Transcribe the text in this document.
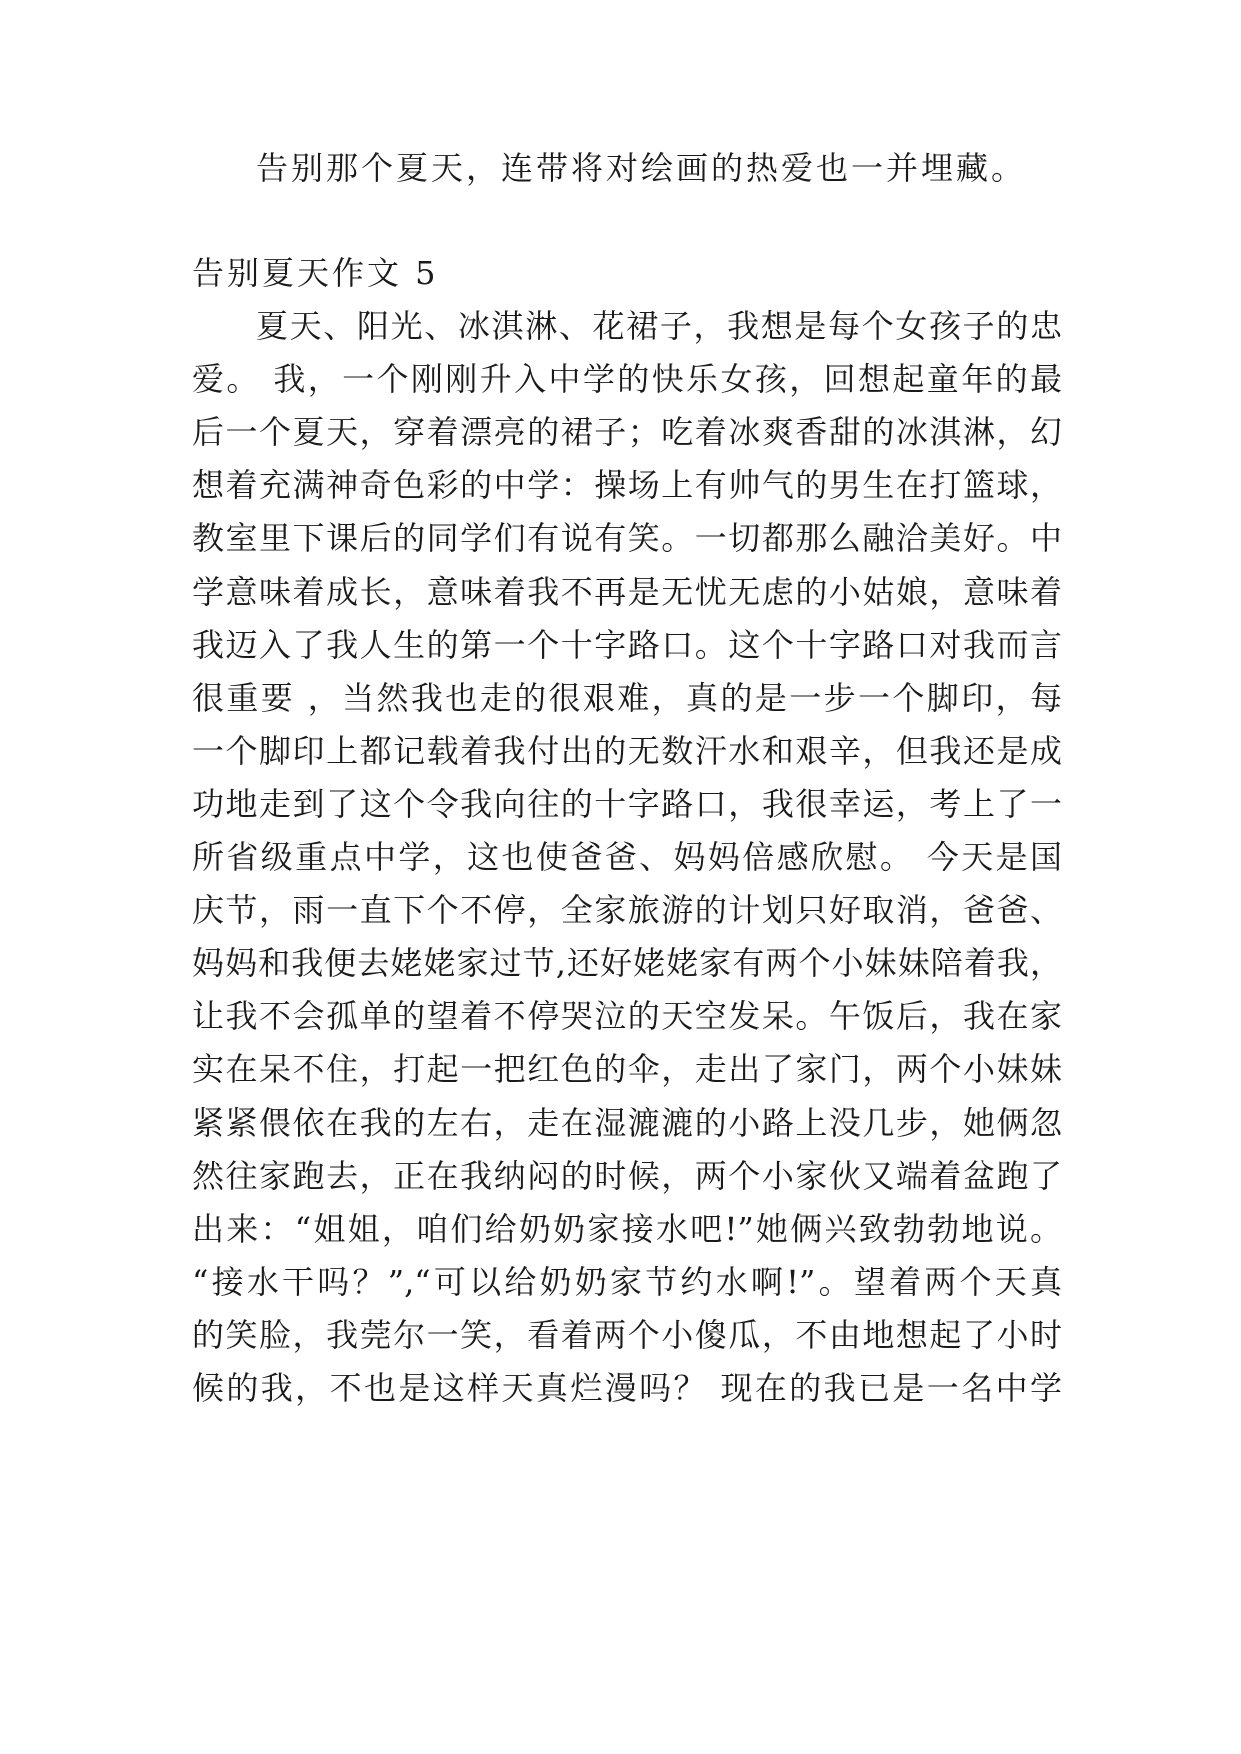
告别那个夏天，连带将对绘画的热爱也一并埋藏。
告别夏天作文 5
夏天、阳光、冰淇淋、花裙子，我想是每个女孩子的忠
爱。 我，一个刚刚升入中学的快乐女孩，回想起童年的最
后一个夏天，穿着漂亮的裙子；吃着冰爽香甜的冰淇淋，幻
想着充满神奇色彩的中学：操场上有帅气的男生在打篮球，
教室里下课后的同学们有说有笑。一切都那么融洽美好。中
学意味着成长，意味着我不再是无忧无虑的小姑娘，意味着
我迈入了我人生的第一个十字路口。这个十字路口对我而言
很重要 ，当然我也走的很艰难，真的是一步一个脚印，每
一个脚印上都记载着我付出的无数汗水和艰辛，但我还是成
功地走到了这个令我向往的十字路口，我很幸运，考上了一
所省级重点中学，这也使爸爸、妈妈倍感欣慰。 今天是国
庆节，雨一直下个不停，全家旅游的计划只好取消，爸爸、
妈妈和我便去姥姥家过节,还好姥姥家有两个小妹妹陪着我，
让我不会孤单的望着不停哭泣的天空发呆。午饭后，我在家
实在呆不住，打起一把红色的伞，走出了家门，两个小妹妹
紧紧偎依在我的左右，走在湿漉漉的小路上没几步，她俩忽
然往家跑去，正在我纳闷的时候，两个小家伙又端着盆跑了
出来：“姐姐，咱们给奶奶家接水吧!”她俩兴致勃勃地说。
“接水干吗？”,“可以给奶奶家节约水啊!”。望着两个天真
的笑脸，我莞尔一笑，看着两个小傻瓜，不由地想起了小时
候的我，不也是这样天真烂漫吗？ 现在的我已是一名中学
